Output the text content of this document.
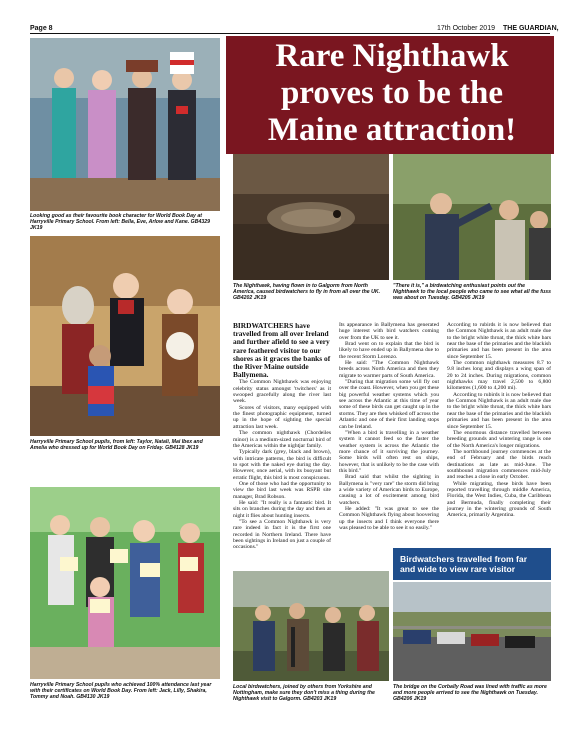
Page 8	17th October 2019 THE GUARDIAN,
Rare Nighthawk
proves to be the
Maine attraction!
Looking good as their favourite book character for World Book Day at Harryville Primary School. From left: Bella, Eve, Arlow and Kane. GB4329 JK19
Harryville Primary School pupils, from left: Taylor, Natali, Mai Ibex and Amelia who dressed up for World Book Day on Friday. GB4128 JK19
Harryville Primary School pupils who achieved 100% attendance last year with their certificates on World Book Day. From left: Jack, Lilly, Shakira, Tommy and Noah. GB4130 JK19
The Nighthawk, having flown in to Galgorm from North America, caused birdwatchers to fly in from all over the UK. GB4202 JK19
"There it is," a birdwatching enthusiast points out the Nighthawk to the local people who came to see what all the fuss was about on Tuesday. GB4205 JK19
Local birdwatchers, joined by others from Yorkshire and Nottingham, make sure they don't miss a thing during the Nighthawk visit to Galgorm. GB4203 JK19
Birdwatchers travelled from far and wide to view rare visitor
The bridge on the Corbally Road was lined with traffic as more and more people arrived to see the Nighthawk on Tuesday. GB4206 JK19

BIRDWATCHERS have travelled from all over Ireland and further afield to see a very rare feathered visitor to our shores as it graces the banks of the River Maine outside Ballymena.

The Common Nighthawk was enjoying celebrity status amongst 'twitchers' as it swooped gracefully along the river last week.

Scores of visitors, many equipped with the finest photographic equipment, turned up in the hope of sighting the special attraction last week.

The common nighthawk (Chordeiles minor) is a medium-sized nocturnal bird of the Americas within the nightjar family.

Typically dark (grey, black and brown), with intricate patterns, the bird is difficult to spot with the naked eye during the day. However, once aerial, with its buoyant but erratic flight, this bird is most conspicuous.

One of those who had the opportunity to view the bird last week was RSPB site manager, Brad Robson.

He said: "It really is a fantastic bird. It sits on branches during the day and then at night it flies about hunting insects.

"To see a Common Nighthawk is very rare indeed in fact it is the first one recorded in Northern Ireland. There have been sightings in Ireland on just a couple of occasions."

Its appearance in Ballymena has generated huge interest with bird watchers coming over from the UK to see it.

Brad went on to explain that the bird is likely to have ended up in Ballymena due to the recent Storm Lorenzo.

He said: "The Common Nighthawk breeds across North America and then they migrate to warmer parts of South America.

"During that migration some will fly out over the coast. However, when you get these big powerful weather systems which you see across the Atlantic at this time of year some of these birds can get caught up in the storms. They are then whisked off across the Atlantic and one of their first landing stops can be Ireland.

"When a bird is travelling in a weather system it cannot feed so the faster the weather system is across the Atlantic the more chance of it surviving the journey. Some birds will often rest on ships, however, that is unlikely to be the case with this bird."

Brad said that whilst the sighting in Ballymena is "very rare" the storm did bring a wide variety of American birds to Europe, causing a lot of excitement among bird watchers.

He added: "It was great to see the Common Nighthawk flying about hoovering up the insects and I think everyone there was pleased to be able to see it so easily."

According to rubirds it is now believed that the Common Nighthawk is an adult male due to the bright white throat, the thick white bars near the base of the primaries and the blackish primaries and has been present in the area since September 15.

The common nighthawk measures 8.7 to 9.8 inches long and displays a wing span of 20 to 24 inches. During migrations, common nighthawks may travel 2,500 to 6,800 kilometres (1,600 to 4,200 mi).

According to rubirds it is now believed that the Common Nighthawk is an adult male due to the bright white throat, the thick white bars near the base of the primaries and the blackish primaries and has been present in the area since September 15.

The enormous distance travelled between breeding grounds and wintering range is one of the North America's longer migrations.

The northbound journey commences at the end of February and the birds reach destinations as late as mid-June. The southbound migration commences mid-July and reaches a close in early October.

While migrating, these birds have been reported travelling through middle America, Florida, the West Indies, Cuba, the Caribbean and Bermuda, finally completing their journey in the wintering grounds of South America, primarily Argentina.
